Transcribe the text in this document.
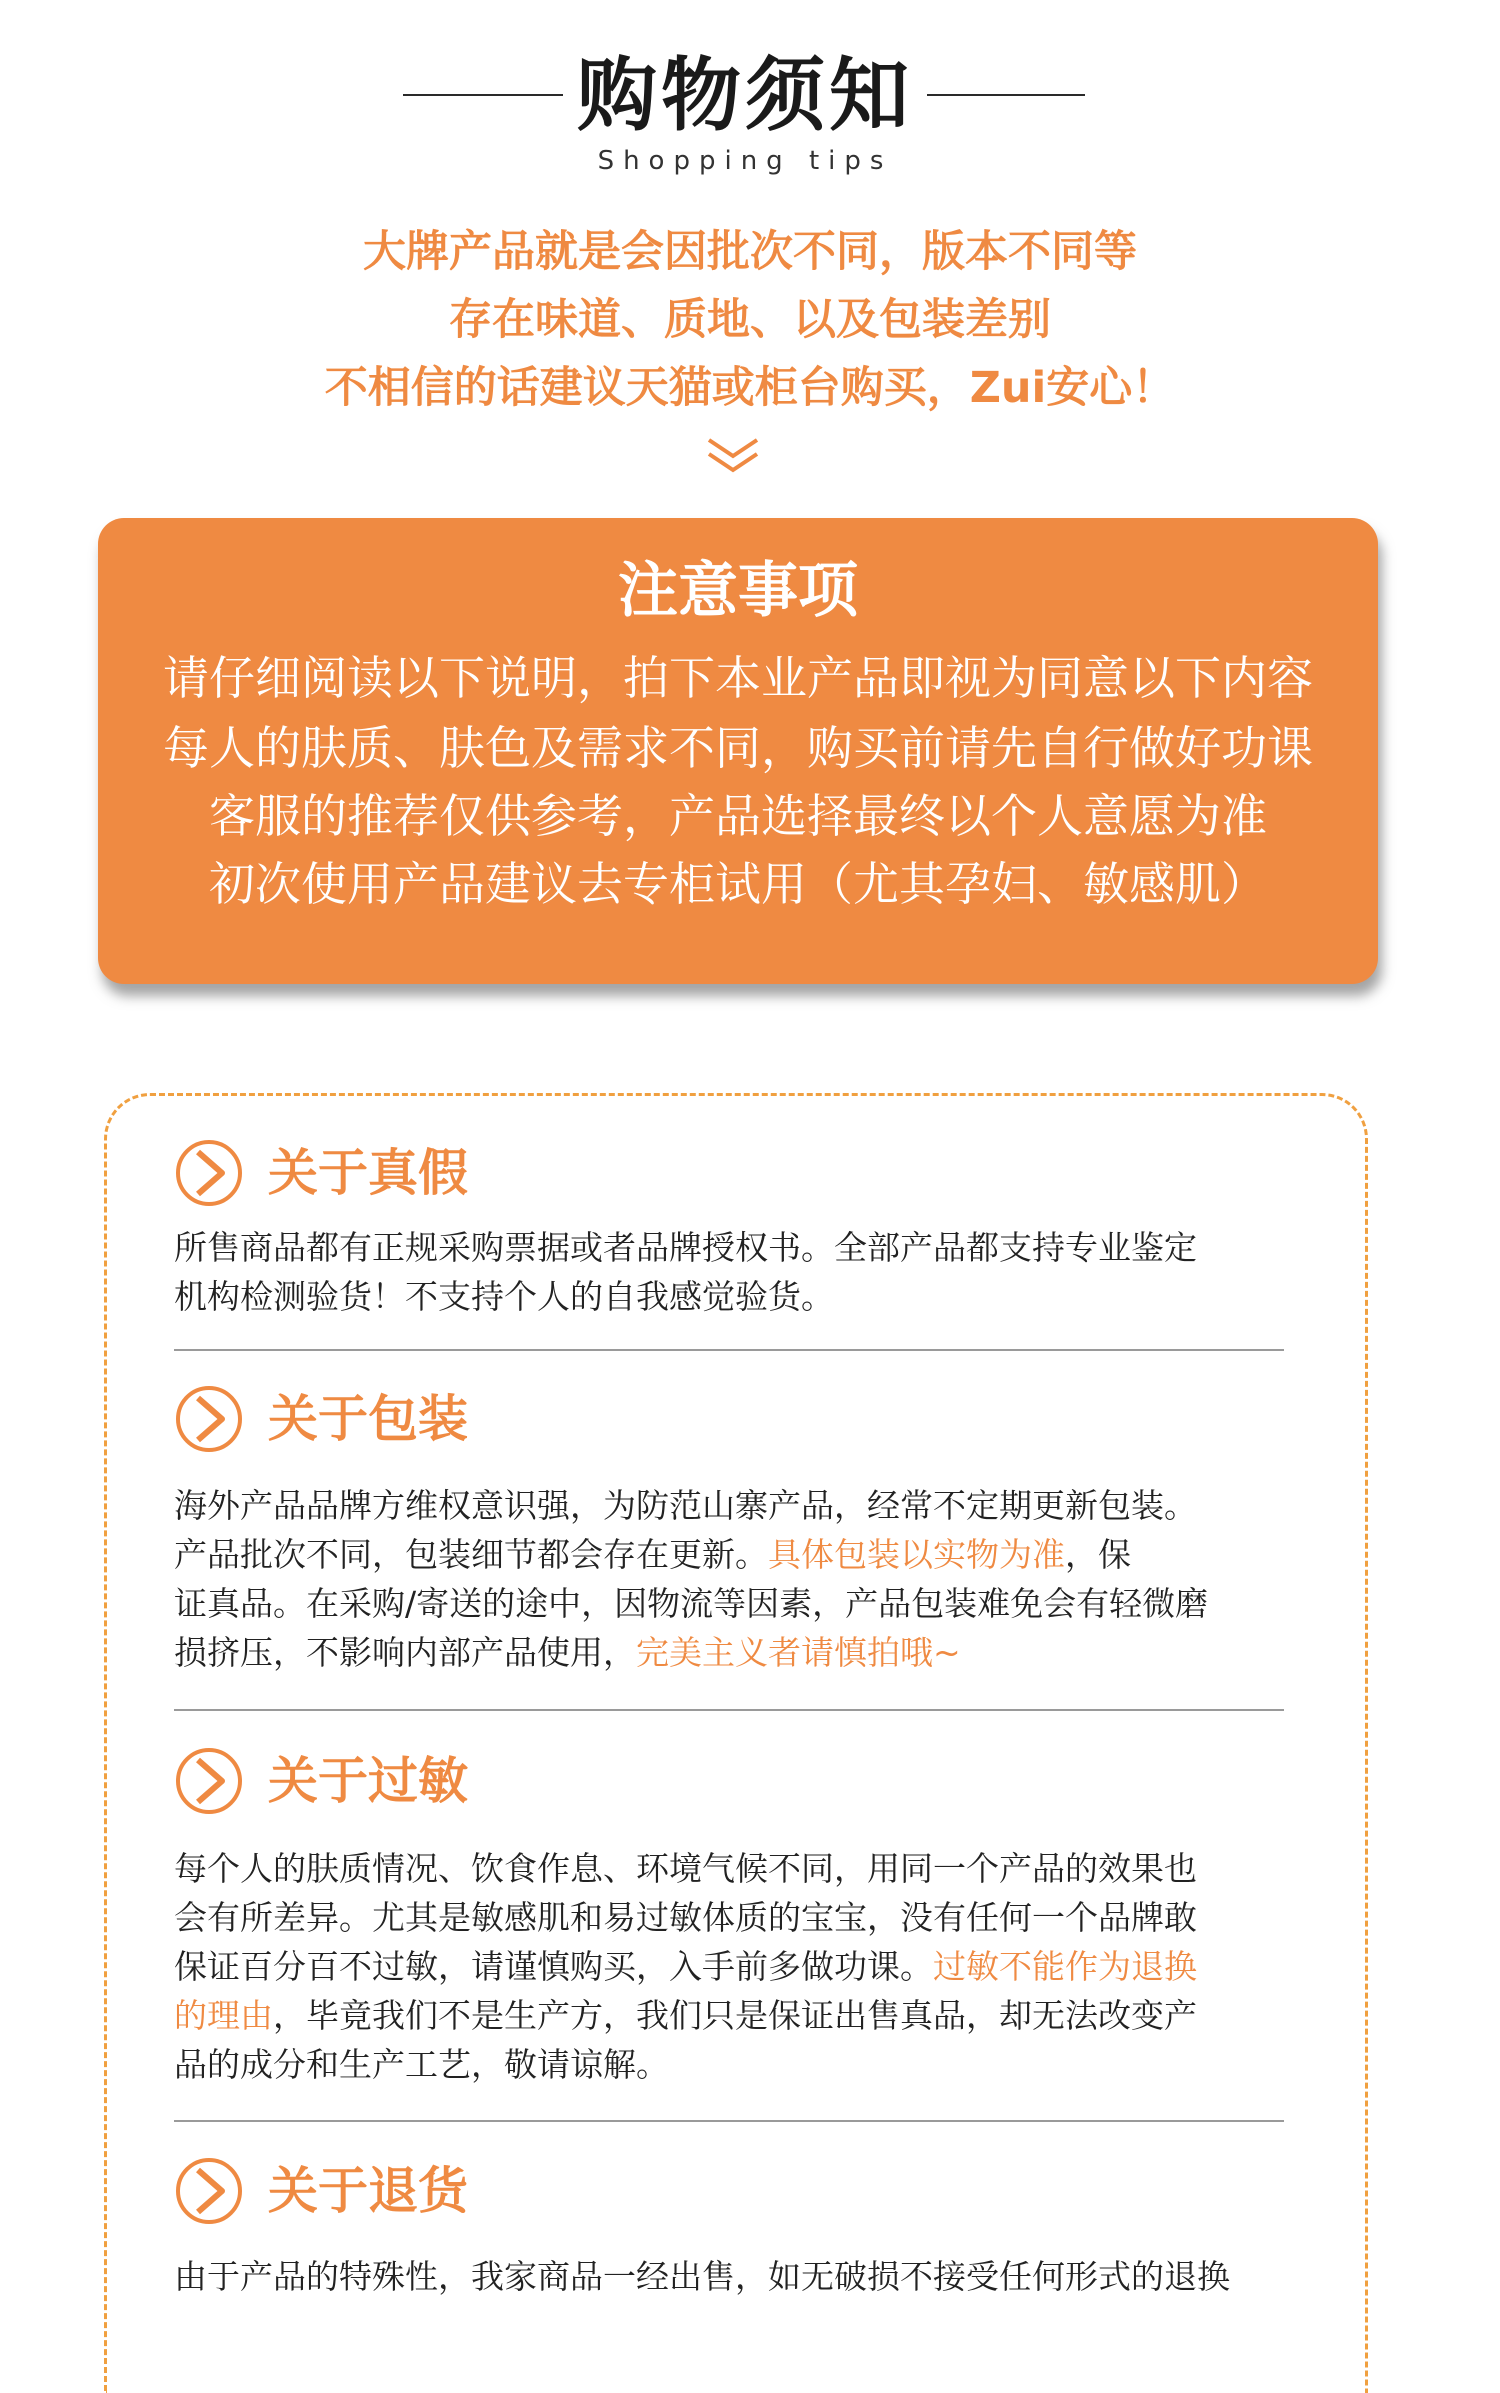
购物须知
Shopping tips
大牌产品就是会因批次不同，版本不同等
存在味道、质地、以及包装差别
不相信的话建议天猫或柜台购买，Zui安心！
注意事项
请仔细阅读以下说明，拍下本业产品即视为同意以下内容
每人的肤质、肤色及需求不同，购买前请先自行做好功课
客服的推荐仅供参考，产品选择最终以个人意愿为准
初次使用产品建议去专柜试用（尤其孕妇、敏感肌）
关于真假
所售商品都有正规采购票据或者品牌授权书。全部产品都支持专业鉴定
机构检测验货！不支持个人的自我感觉验货。
关于包装
海外产品品牌方维权意识强，为防范山寨产品，经常不定期更新包装。
产品批次不同，包装细节都会存在更新。具体包装以实物为准，保
证真品。在采购/寄送的途中，因物流等因素，产品包装难免会有轻微磨
损挤压，不影响内部产品使用，完美主义者请慎拍哦~
关于过敏
每个人的肤质情况、饮食作息、环境气候不同，用同一个产品的效果也
会有所差异。尤其是敏感肌和易过敏体质的宝宝，没有任何一个品牌敢
保证百分百不过敏，请谨慎购买，入手前多做功课。过敏不能作为退换
的理由，毕竟我们不是生产方，我们只是保证出售真品，却无法改变产
品的成分和生产工艺，敬请谅解。
关于退货
由于产品的特殊性，我家商品一经出售，如无破损不接受任何形式的退换
